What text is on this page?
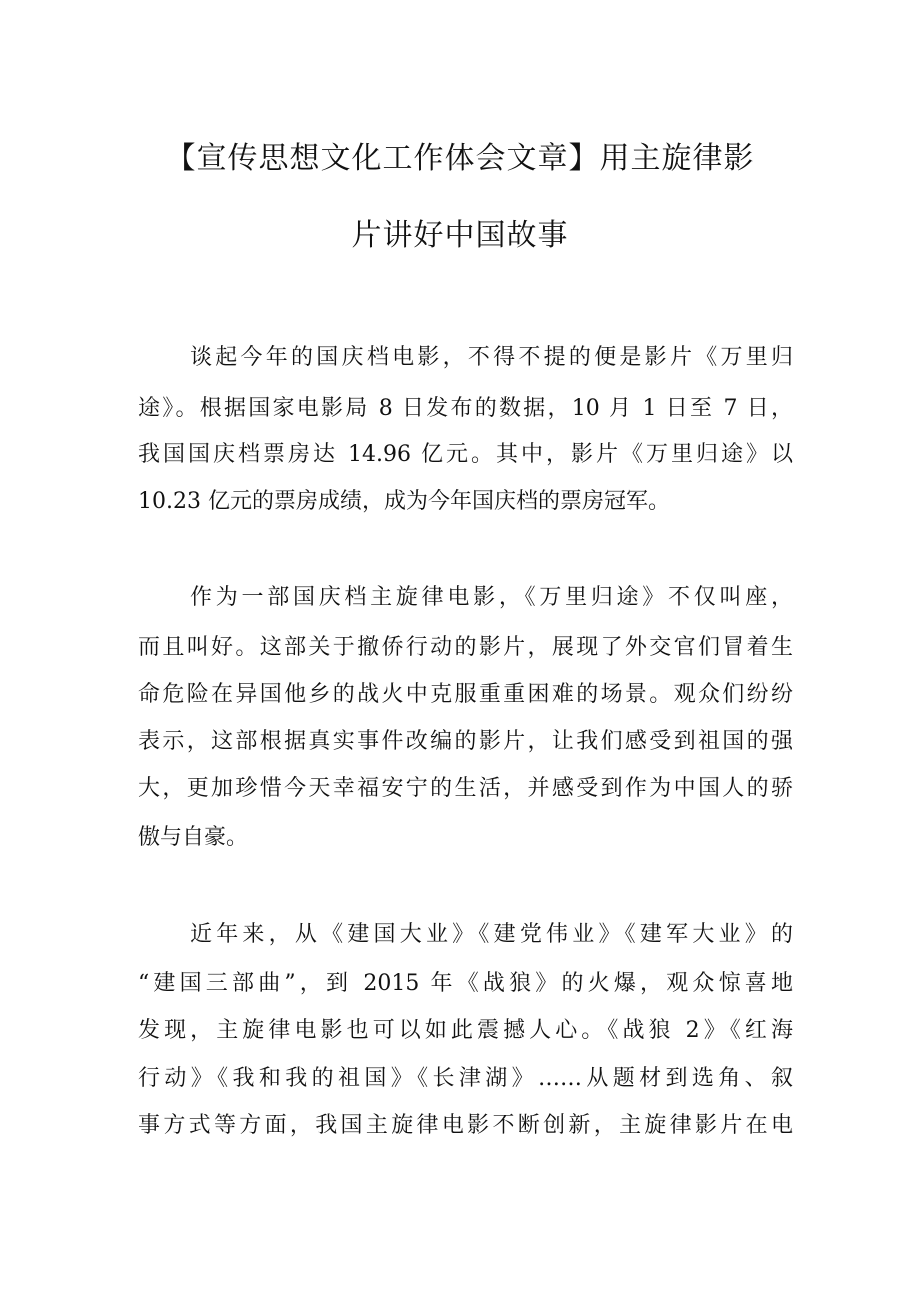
【宣传思想文化工作体会文章】用主旋律影
片讲好中国故事
谈起今年的国庆档电影，不得不提的便是影片《万里归
途》。根据国家电影局 8 日发布的数据，10 月 1 日至 7 日，
我国国庆档票房达 14.96 亿元。其中，影片《万里归途》以
10.23 亿元的票房成绩，成为今年国庆档的票房冠军。
作为一部国庆档主旋律电影，《万里归途》不仅叫座，
而且叫好。这部关于撤侨行动的影片，展现了外交官们冒着生
命危险在异国他乡的战火中克服重重困难的场景。观众们纷纷
表示，这部根据真实事件改编的影片，让我们感受到祖国的强
大，更加珍惜今天幸福安宁的生活，并感受到作为中国人的骄
傲与自豪。
近年来，从《建国大业》《建党伟业》《建军大业》的
“建国三部曲”，到 2015 年《战狼》的火爆，观众惊喜地
发现，主旋律电影也可以如此震撼人心。《战狼 2》《红海
行动》《我和我的祖国》《长津湖》……从题材到选角、叙
事方式等方面，我国主旋律电影不断创新，主旋律影片在电
